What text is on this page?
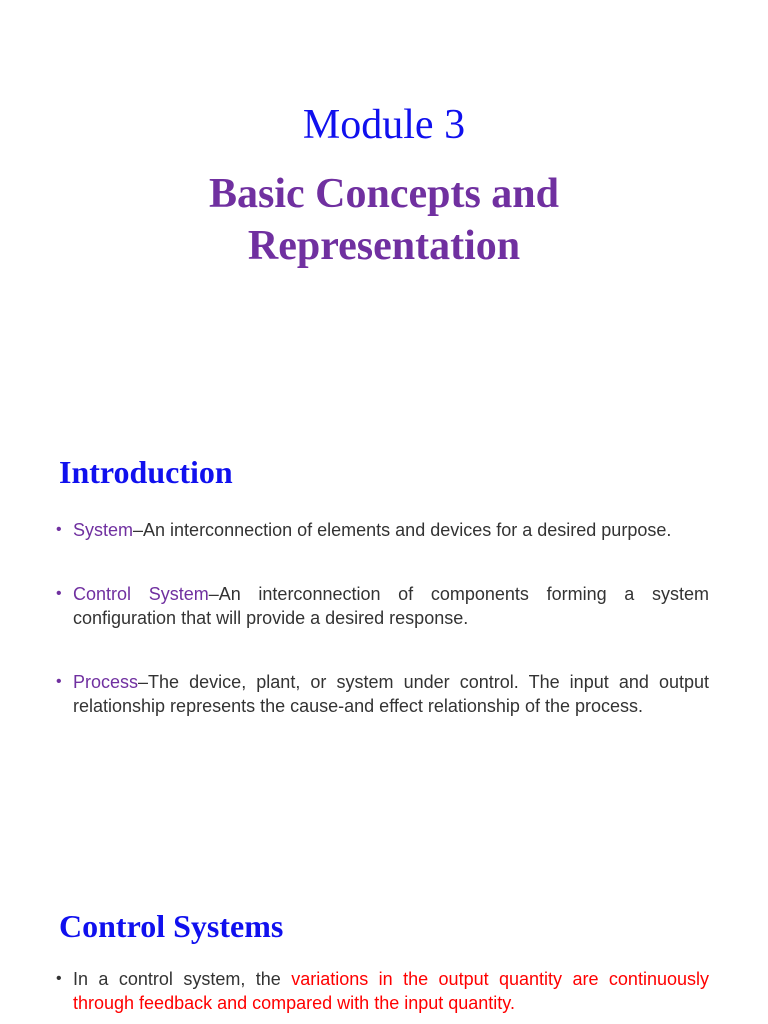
Module 3
Basic Concepts and
Representation
Introduction
• System–An interconnection of elements and devices for a desired purpose.
• Control System–An interconnection of components forming a system configuration that will provide a desired response.
• Process–The device, plant, or system under control. The input and output relationship represents the cause-and effect relationship of the process.
Control Systems
• In a control system, the variations in the output quantity are continuously through feedback and compared with the input quantity.
